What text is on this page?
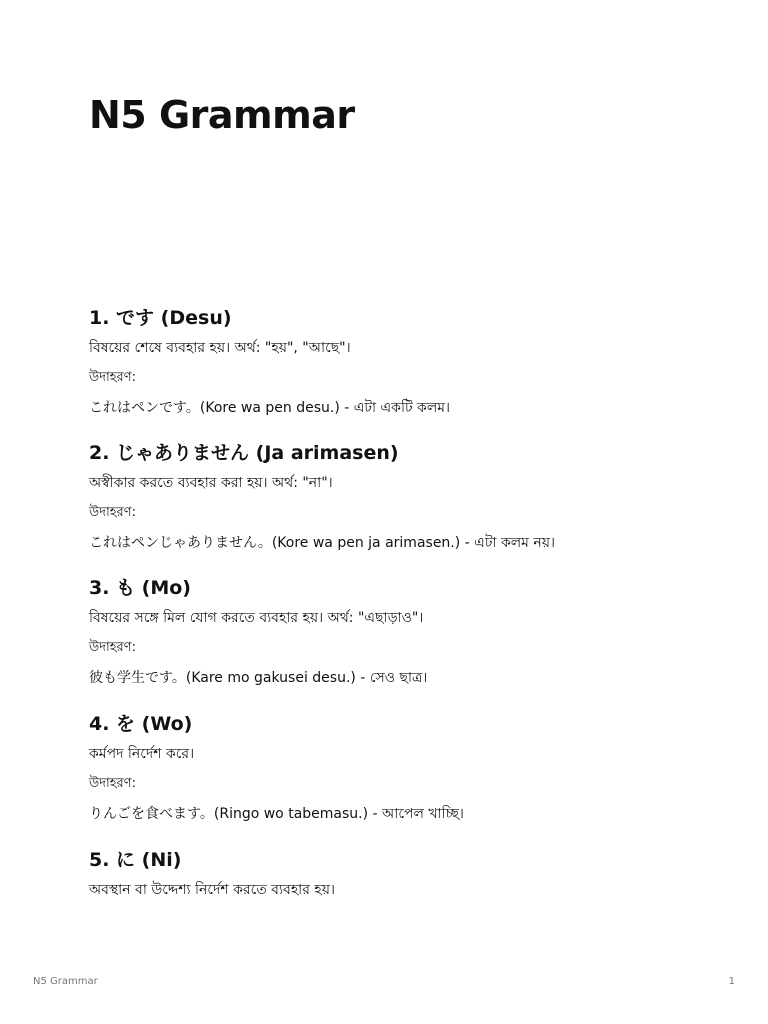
N5 Grammar
1. です (Desu)

বিষয়ের শেষে ব্যবহার হয়। অর্থ: "হয়", "আছে"।

উদাহরণ:

これはペンです。(Kore wa pen desu.) - এটা একটি কলম।

2. じゃありません (Ja arimasen)

অস্বীকার করতে ব্যবহার করা হয়। অর্থ: "না"।

উদাহরণ:

これはペンじゃありません。(Kore wa pen ja arimasen.) - এটা কলম নয়।

3. も (Mo)

বিষয়ের সঙ্গে মিল যোগ করতে ব্যবহার হয়। অর্থ: "এছাড়াও"।

উদাহরণ:

彼も学生です。(Kare mo gakusei desu.) - সেও ছাত্র।

4. を (Wo)

কর্মপদ নির্দেশ করে।

উদাহরণ:

りんごを食べます。(Ringo wo tabemasu.) - আপেল খাচ্ছি।

5. に (Ni)

অবস্থান বা উদ্দেশ্য নির্দেশ করতে ব্যবহার হয়।

N5 Grammar	1
